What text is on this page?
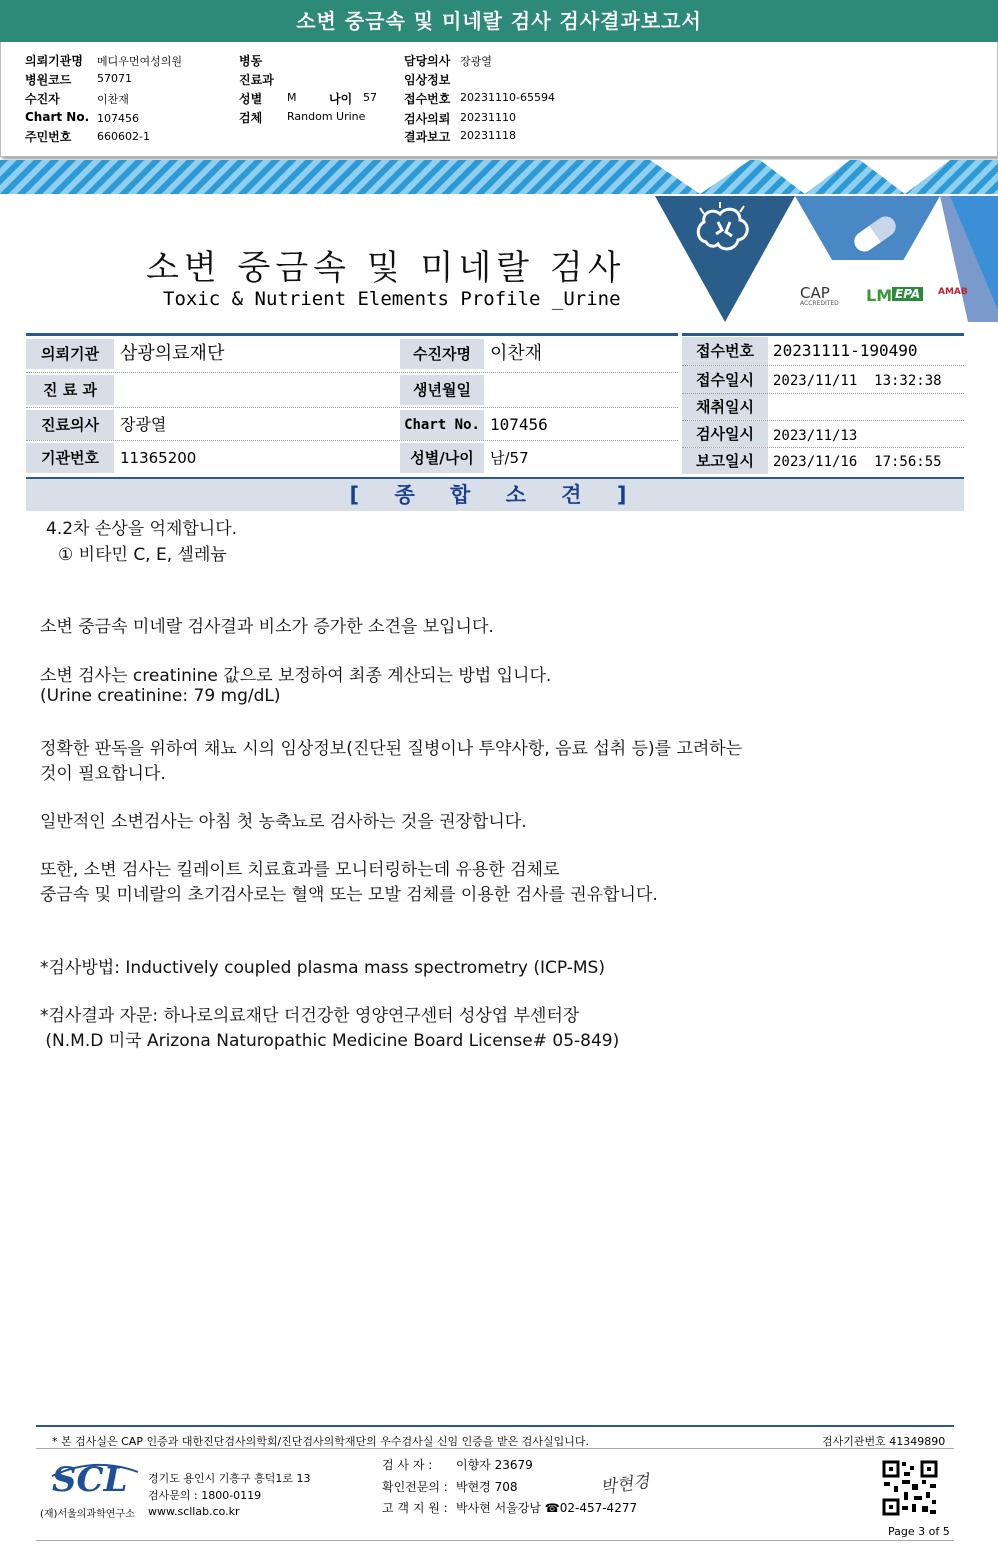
소변 중금속 및 미네랄 검사 검사결과보고서
의뢰기관명 메디우먼여성의원
병원코드 57071
수진자	이찬재
Chart No. 107456
주민번호 660602-1
병동
진료과
성별 M	나이 57
검체 Random Urine
담당의사 장광열
임상정보
접수번호 20231110-65594
검사의뢰 20231110
결과보고 20231118
CAP
ACCREDITED LM EPA	AMAB
소변 중금속 및 미네랄 검사
Toxic & Nutrient Elements Profile _Urine
의뢰기관	삼광의료재단	수진자명	이찬재
진 료 과	생년월일
진료의사	장광열	Chart No. 107456
기관번호	11365200	성별/나이	남/57
접수번호	20231111-190490
접수일시	2023/11/11  13:32:38
채취일시
검사일시	2023/11/13
보고일시	2023/11/16  17:56:55
[ 종 합 소 견 ]
4.2차 손상을 억제합니다.
① 비타민 C, E, 셀레늄
소변 중금속 미네랄 검사결과 비소가 증가한 소견을 보입니다.
소변 검사는 creatinine 값으로 보정하여 최종 계산되는 방법 입니다.
(Urine creatinine: 79 mg/dL)
정확한 판독을 위하여 채뇨 시의 임상정보(진단된 질병이나 투약사항, 음료 섭취 등)를 고려하는
것이 필요합니다.
일반적인 소변검사는 아침 첫 농축뇨로 검사하는 것을 권장합니다.
또한, 소변 검사는 킬레이트 치료효과를 모니터링하는데 유용한 검체로
중금속 및 미네랄의 초기검사로는 혈액 또는 모발 검체를 이용한 검사를 권유합니다.
*검사방법: Inductively coupled plasma mass spectrometry (ICP-MS)
*검사결과 자문: 하나로의료재단 더건강한 영양연구센터 성상엽 부센터장
(N.M.D 미국 Arizona Naturopathic Medicine Board License# 05-849)
* 본 검사실은 CAP 인증과 대한진단검사의학회/진단검사의학재단의 우수검사실 신임 인증을 받은 검사실입니다.	검사기관번호 41349890
SCL
(재)서울의과학연구소
경기도 용인시 기흥구 흥덕1로 13
검사문의 : 1800-0119
www.scllab.co.kr
검 사 자 : 이향자 23679
확인전문의 : 박현경 708
고 객 지 원 : 박사현 서울강남 ☎02-457-4277
박현경
Page 3 of 5
